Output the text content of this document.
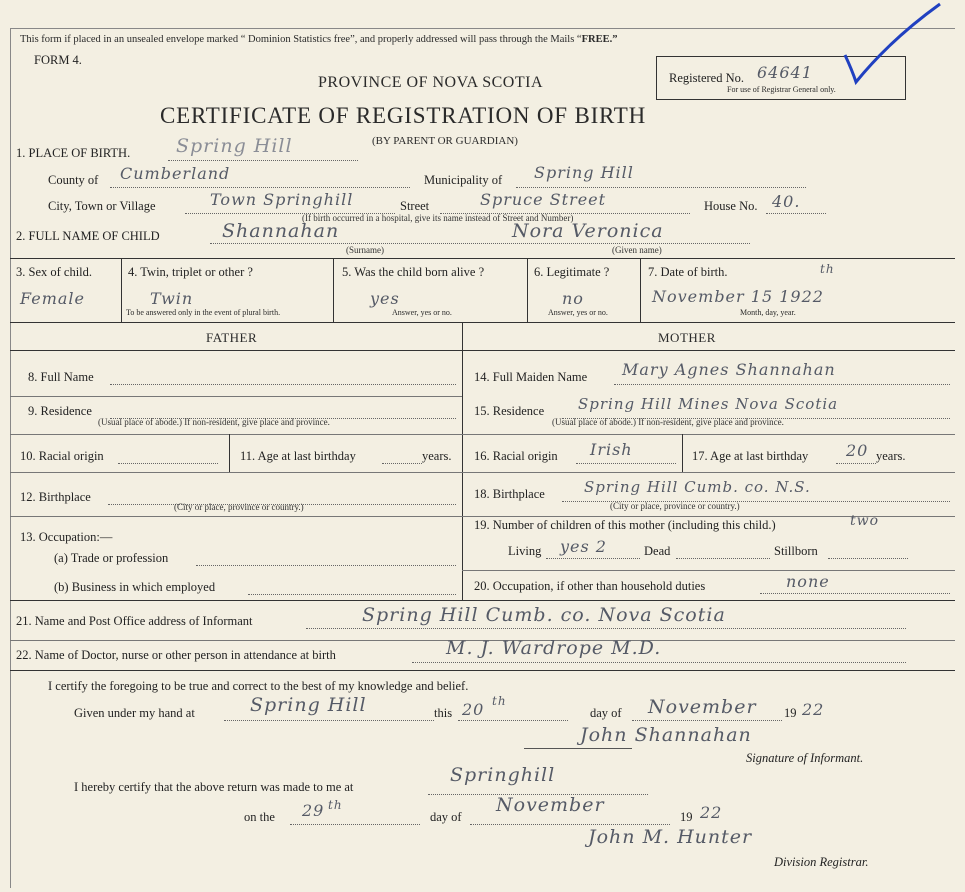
This form if placed in an unsealed envelope marked “ Dominion Statistics free”, and properly addressed will pass through the Mails “FREE.”
FORM 4.
PROVINCE OF NOVA SCOTIA
CERTIFICATE OF REGISTRATION OF BIRTH
(BY PARENT OR GUARDIAN)
Registered No. 64641
For use of Registrar General only.
1. PLACE OF BIRTH. Spring Hill
County of Cumberland	Municipality of Spring Hill
City, Town or Village	Town Springhill	Street	Spruce Street	House No. 40.
(If birth occurred in a hospital, give its name instead of Street and Number)
2. FULL NAME OF CHILD	Shannahan	Nora Veronica
(Surname)	(Given name)
3. Sex of child.
Female
4. Twin, triplet or other ?
Twin
To be answered only in the event of plural birth.
5. Was the child born alive ?
yes
Answer, yes or no.
6. Legitimate ?
no
Answer, yes or no.
7. Date of birth.	th
November 15 1922
Month, day, year.
FATHER	MOTHER
8. Full Name
9. Residence
(Usual place of abode.) If non-resident, give place and province.
10. Racial origin	11. Age at last birthday	years.
12. Birthplace
(City or place, province or country.)
13. Occupation:—
(a) Trade or profession
(b) Business in which employed
14. Full Maiden Name Mary Agnes Shannahan
15. Residence Spring Hill Mines Nova Scotia
(Usual place of abode.) If non-resident, give place and province.
16. Racial origin Irish	17. Age at last birthday 20 years.
18. Birthplace	Spring Hill Cumb. co. N.S.
(City or place, province or country.)
19. Number of children of this mother (including this child.)	two
Living yes 2	Dead	Stillborn
20. Occupation, if other than household duties	none
21. Name and Post Office address of Informant	Spring Hill Cumb. co. Nova Scotia
22. Name of Doctor, nurse or other person in attendance at birth	M. J. Wardrope M.D.
I certify the foregoing to be true and correct to the best of my knowledge and belief.
Given under my hand at	Spring Hill	this 20 th
day of November 19 22
John Shannahan
Signature of Informant.
I hereby certify that the above return was made to me at
Springhill
on the 29 th
day of
November
19 22
John M. Hunter
Division Registrar.
